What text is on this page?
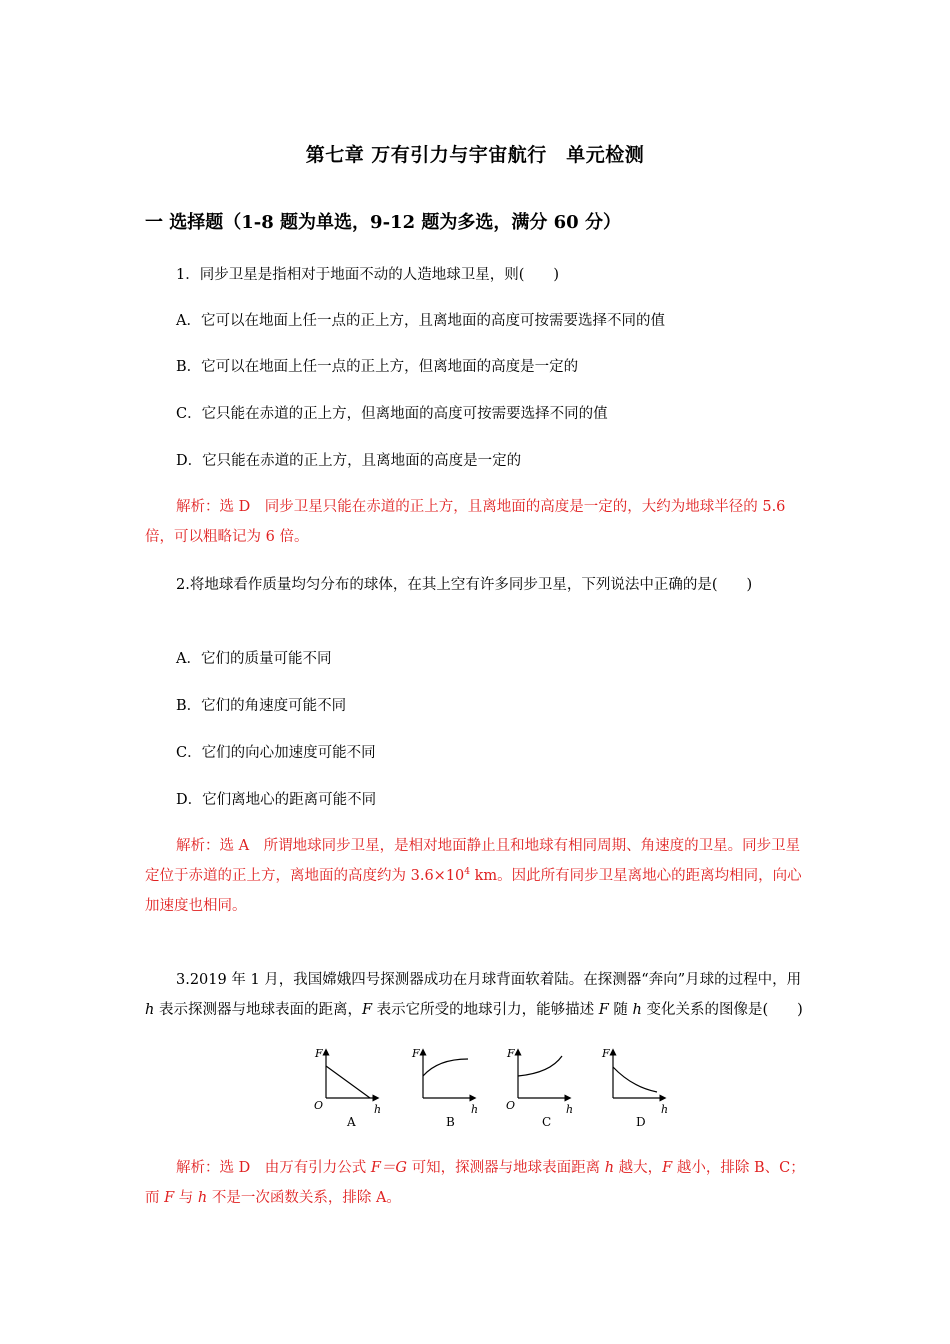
第七章 万有引力与宇宙航行　单元检测
一 选择题（1-8 题为单选，9-12 题为多选，满分 60 分）
1．同步卫星是指相对于地面不动的人造地球卫星，则(　　)
A．它可以在地面上任一点的正上方，且离地面的高度可按需要选择不同的值
B．它可以在地面上任一点的正上方，但离地面的高度是一定的
C．它只能在赤道的正上方，但离地面的高度可按需要选择不同的值
D．它只能在赤道的正上方，且离地面的高度是一定的
解析：选 D　同步卫星只能在赤道的正上方，且离地面的高度是一定的，大约为地球半径的 5.6 倍，可以粗略记为 6 倍。
2.将地球看作质量均匀分布的球体，在其上空有许多同步卫星，下列说法中正确的是(　　)
A．它们的质量可能不同
B．它们的角速度可能不同
C．它们的向心加速度可能不同
D．它们离地心的距离可能不同
解析：选 A　所谓地球同步卫星，是相对地面静止且和地球有相同周期、角速度的卫星。同步卫星定位于赤道的正上方，离地面的高度约为 $3.6\times 10^4$ km。因此所有同步卫星离地心的距离均相同，向心加速度也相同。
3.2019 年 1 月，我国嫦娥四号探测器成功在月球背面软着陆。在探测器“奔向”月球的过程中，用 h 表示探测器与地球表面的距离，F 表示它所受的地球引力，能够描述 F 随 h 变化关系的图像是(　　)
F
O	h
F
h
F
O	h
F
h
A	B	C	D
解析：选 D　由万有引力公式 F＝G 可知，探测器与地球表面距离 h 越大，F 越小，排除 B、C；而 F 与 h 不是一次函数关系，排除 A。
